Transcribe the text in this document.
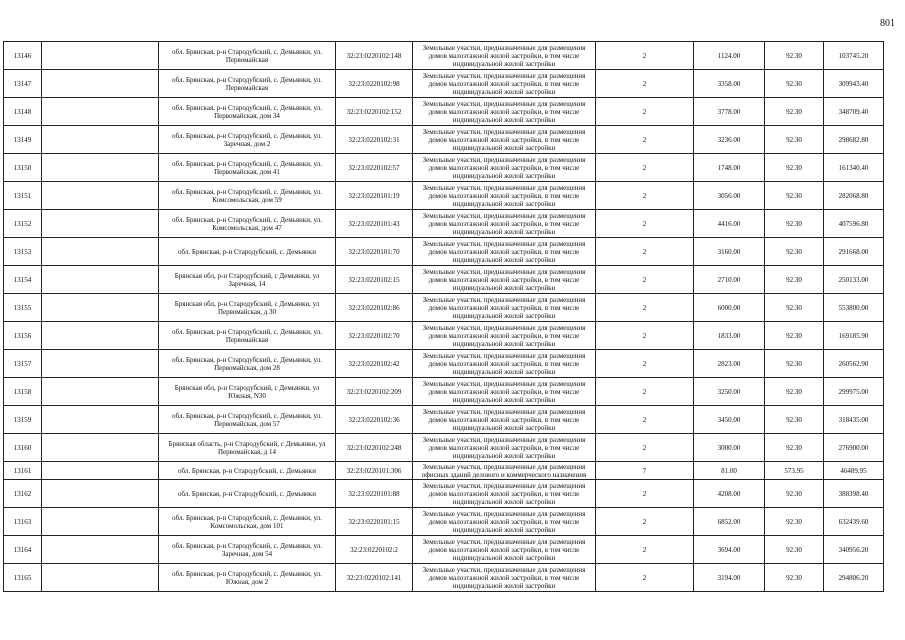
801
13146		обл. Брянская, р-н Стародубский, с. Демьянки, ул. Первомайская	32:23:0220102:148	Земельные участки, предназначенные для размещения домов малоэтажной жилой застройки, в том числе индивидуальной жилой застройки	2	1124.00	92.30	103745.20
13147		обл. Брянская, р-н Стародубский, с. Демьянки, ул. Первомайская	32:23:0220102:98	Земельные участки, предназначенные для размещения домов малоэтажной жилой застройки, в том числе индивидуальной жилой застройки	2	3358.00	92.30	309943.40
13148		обл. Брянская, р-н Стародубский, с. Демьянки, ул. Первомайская, дом 34	32:23:0220102:152	Земельные участки, предназначенные для размещения домов малоэтажной жилой застройки, в том числе индивидуальной жилой застройки	2	3778.00	92.30	348709.40
13149		обл. Брянская, р-н Стародубский, с. Демьянки, ул. Заречная, дом 2	32:23:0220102:31	Земельные участки, предназначенные для размещения домов малоэтажной жилой застройки, в том числе индивидуальной жилой застройки	2	3236.00	92.30	298682.80
13150		обл. Брянская, р-н Стародубский, с. Демьянки, ул. Первомайская, дом 41	32:23:0220102:57	Земельные участки, предназначенные для размещения домов малоэтажной жилой застройки, в том числе индивидуальной жилой застройки	2	1748.00	92.30	161340.40
13151		обл. Брянская, р-н Стародубский, с. Демьянки, ул. Комсомольская, дом 59	32:23:0220101:19	Земельные участки, предназначенные для размещения домов малоэтажной жилой застройки, в том числе индивидуальной жилой застройки	2	3056.00	92.30	282068.80
13152		обл. Брянская, р-н Стародубский, с. Демьянки, ул. Комсомольская, дом 47	32:23:0220101:43	Земельные участки, предназначенные для размещения домов малоэтажной жилой застройки, в том числе индивидуальной жилой застройки	2	4416.00	92.30	407596.80
13153		обл. Брянская, р-н Стародубский, с. Демьянки	32:23:0220101:70	Земельные участки, предназначенные для размещения домов малоэтажной жилой застройки, в том числе индивидуальной жилой застройки	2	3160.00	92.30	291668.00
13154		Брянская обл, р-н Стародубский, с Демьянки, ул Заречная, 14	32:23:0220102:15	Земельные участки, предназначенные для размещения домов малоэтажной жилой застройки, в том числе индивидуальной жилой застройки	2	2710.00	92.30	250133.00
13155		Брянская обл, р-н Стародубский, с Демьянки, ул Первомайская, д 30	32:23:0220102:86	Земельные участки, предназначенные для размещения домов малоэтажной жилой застройки, в том числе индивидуальной жилой застройки	2	6000.00	92.30	553800.00
13156		обл. Брянская, р-н Стародубский, с. Демьянки, ул. Первомайская	32:23:0220102:70	Земельные участки, предназначенные для размещения домов малоэтажной жилой застройки, в том числе индивидуальной жилой застройки	2	1833.00	92.30	169185.90
13157		обл. Брянская, р-н Стародубский, с. Демьянки, ул. Первомайская, дом 28	32:23:0220102:42	Земельные участки, предназначенные для размещения домов малоэтажной жилой застройки, в том числе индивидуальной жилой застройки	2	2823.00	92.30	260562.90
13158		Брянская обл, р-н Стародубский, с Демьянки, ул Южная, N30	32:23:0220102:209	Земельные участки, предназначенные для размещения домов малоэтажной жилой застройки, в том числе индивидуальной жилой застройки	2	3250.00	92.30	299975.00
13159		обл. Брянская, р-н Стародубский, с. Демьянки, ул. Первомайская, дом 57	32:23:0220102:36	Земельные участки, предназначенные для размещения домов малоэтажной жилой застройки, в том числе индивидуальной жилой застройки	2	3450.00	92.30	318435.00
13160		Брянская область, р-н Стародубский, с Демьянки, ул Первомайская, д 14	32:23:0220102:248	Земельные участки, предназначенные для размещения домов малоэтажной жилой застройки, в том числе индивидуальной жилой застройки	2	3000.00	92.30	276900.00
13161		обл. Брянская, р-н Стародубский, с. Демьянки	32:23:0220101:306	Земельные участки, предназначенные для размещения офисных зданий делового и коммерческого назначения	7	81.00	573.95	46489.95
13162		обл. Брянская, р-н Стародубский, с. Демьянки	32:23:0220101:88	Земельные участки, предназначенные для размещения домов малоэтажной жилой застройки, в том числе индивидуальной жилой застройки	2	4208.00	92.30	388398.40
13163		обл. Брянская, р-н Стародубский, с. Демьянки, ул. Комсомольская, дом 101	32:23:0220101:15	Земельные участки, предназначенные для размещения домов малоэтажной жилой застройки, в том числе индивидуальной жилой застройки	2	6852.00	92.30	632439.60
13164		обл. Брянская, р-н Стародубский, с. Демьянки, ул. Заречная, дом 54	32:23:0220102:2	Земельные участки, предназначенные для размещения домов малоэтажной жилой застройки, в том числе индивидуальной жилой застройки	2	3694.00	92.30	340956.20
13165		обл. Брянская, р-н Стародубский, с. Демьянки, ул. Южная, дом 2	32:23:0220102:141	Земельные участки, предназначенные для размещения домов малоэтажной жилой застройки, в том числе индивидуальной жилой застройки	2	3194.00	92.30	294806.20
